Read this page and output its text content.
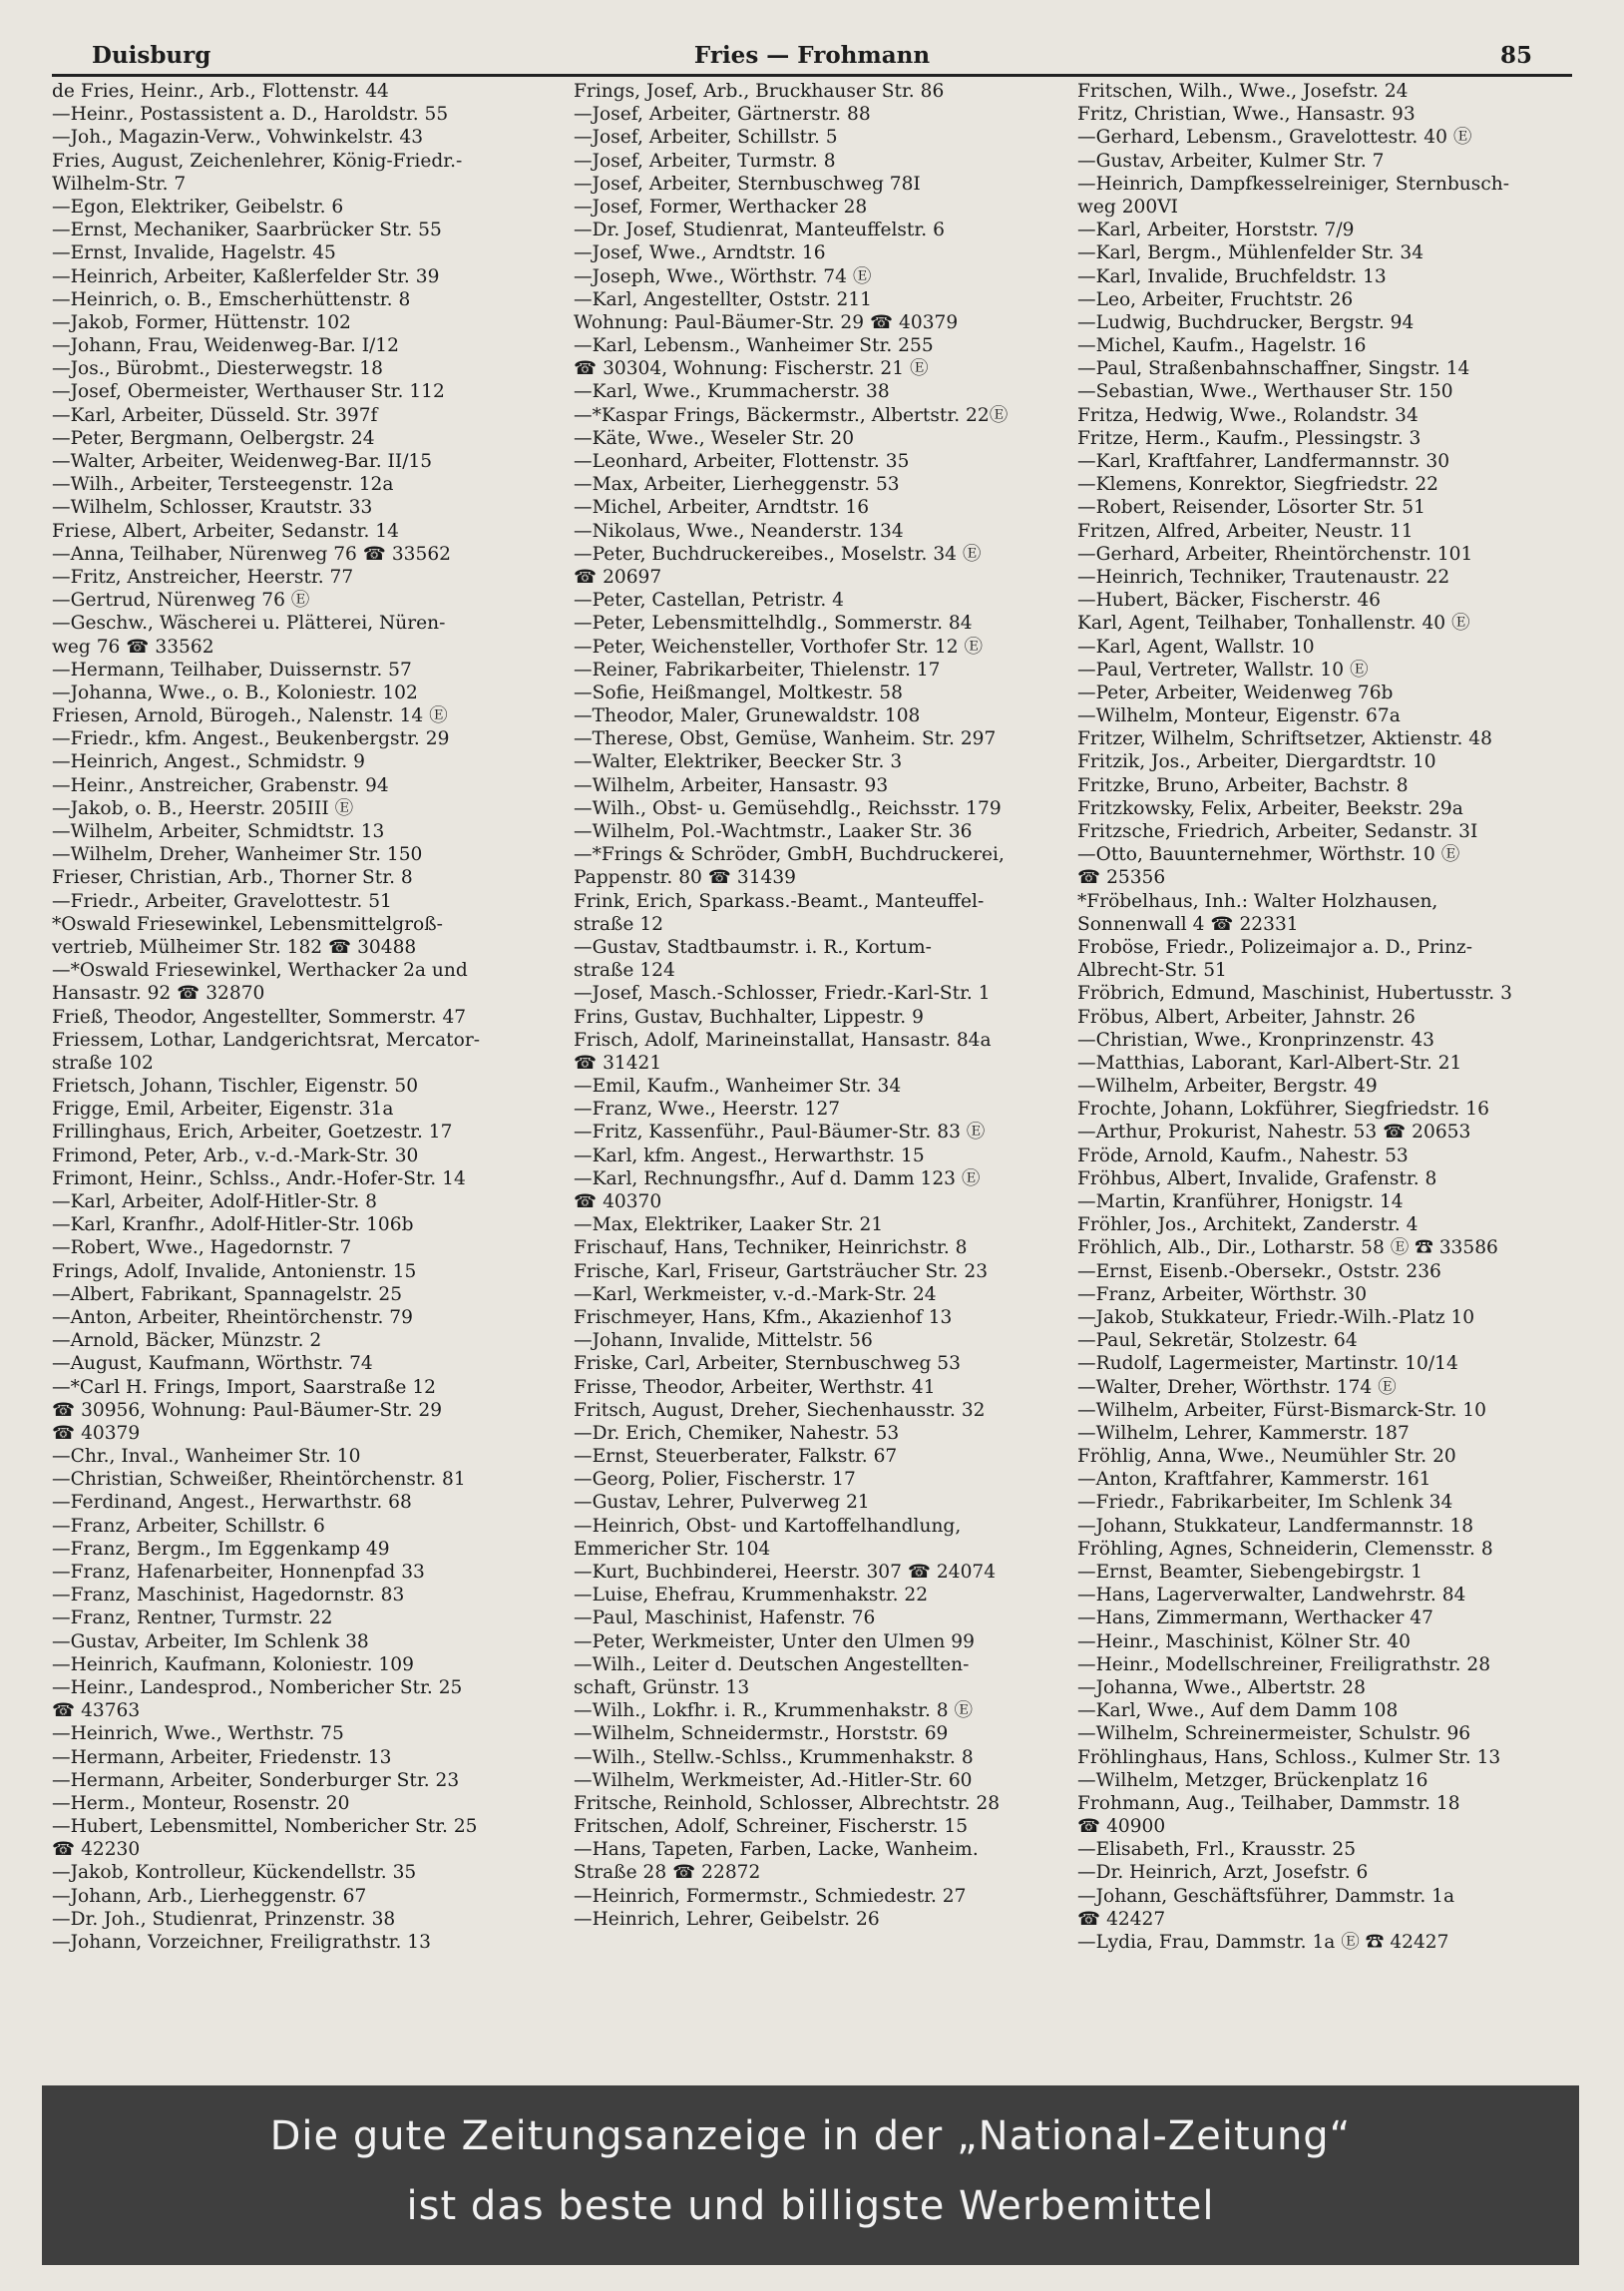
Duisburg	Fries — Frohmann	85
de Fries, Heinr., Arb., Flottenstr. 44
—Heinr., Postassistent a. D., Haroldstr. 55
—Joh., Magazin-Verw., Vohwinkelstr. 43
Fries, August, Zeichenlehrer, König-Friedr.-
Wilhelm-Str. 7
—Egon, Elektriker, Geibelstr. 6
—Ernst, Mechaniker, Saarbrücker Str. 55
—Ernst, Invalide, Hagelstr. 45
—Heinrich, Arbeiter, Kaßlerfelder Str. 39
—Heinrich, o. B., Emscherhüttenstr. 8
—Jakob, Former, Hüttenstr. 102
—Johann, Frau, Weidenweg-Bar. I/12
—Jos., Bürobmt., Diesterwegstr. 18
—Josef, Obermeister, Werthauser Str. 112
—Karl, Arbeiter, Düsseld. Str. 397f
—Peter, Bergmann, Oelbergstr. 24
—Walter, Arbeiter, Weidenweg-Bar. II/15
—Wilh., Arbeiter, Tersteegenstr. 12a
—Wilhelm, Schlosser, Krautstr. 33
Friese, Albert, Arbeiter, Sedanstr. 14
—Anna, Teilhaber, Nürenweg 76 ☎ 33562
—Fritz, Anstreicher, Heerstr. 77
—Gertrud, Nürenweg 76 Ⓔ
—Geschw., Wäscherei u. Plätterei, Nüren-
weg 76 ☎ 33562
—Hermann, Teilhaber, Duissernstr. 57
—Johanna, Wwe., o. B., Koloniestr. 102
Friesen, Arnold, Bürogeh., Nalenstr. 14 Ⓔ
—Friedr., kfm. Angest., Beukenbergstr. 29
—Heinrich, Angest., Schmidstr. 9
—Heinr., Anstreicher, Grabenstr. 94
—Jakob, o. B., Heerstr. 205III Ⓔ
—Wilhelm, Arbeiter, Schmidtstr. 13
—Wilhelm, Dreher, Wanheimer Str. 150
Frieser, Christian, Arb., Thorner Str. 8
—Friedr., Arbeiter, Gravelottestr. 51
*Oswald Friesewinkel, Lebensmittelgroß-
vertrieb, Mülheimer Str. 182 ☎ 30488
—*Oswald Friesewinkel, Werthacker 2a und
Hansastr. 92 ☎ 32870
Frieß, Theodor, Angestellter, Sommerstr. 47
Friessem, Lothar, Landgerichtsrat, Mercator-
straße 102
Frietsch, Johann, Tischler, Eigenstr. 50
Frigge, Emil, Arbeiter, Eigenstr. 31a
Frillinghaus, Erich, Arbeiter, Goetzestr. 17
Frimond, Peter, Arb., v.-d.-Mark-Str. 30
Frimont, Heinr., Schlss., Andr.-Hofer-Str. 14
—Karl, Arbeiter, Adolf-Hitler-Str. 8
—Karl, Kranfhr., Adolf-Hitler-Str. 106b
—Robert, Wwe., Hagedornstr. 7
Frings, Adolf, Invalide, Antonienstr. 15
—Albert, Fabrikant, Spannagelstr. 25
—Anton, Arbeiter, Rheintörchenstr. 79
—Arnold, Bäcker, Münzstr. 2
—August, Kaufmann, Wörthstr. 74
—*Carl H. Frings, Import, Saarstraße 12
☎ 30956, Wohnung: Paul-Bäumer-Str. 29
☎ 40379
—Chr., Inval., Wanheimer Str. 10
—Christian, Schweißer, Rheintörchenstr. 81
—Ferdinand, Angest., Herwarthstr. 68
—Franz, Arbeiter, Schillstr. 6
—Franz, Bergm., Im Eggenkamp 49
—Franz, Hafenarbeiter, Honnenpfad 33
—Franz, Maschinist, Hagedornstr. 83
—Franz, Rentner, Turmstr. 22
—Gustav, Arbeiter, Im Schlenk 38
—Heinrich, Kaufmann, Koloniestr. 109
—Heinr., Landesprod., Nombericher Str. 25
☎ 43763
—Heinrich, Wwe., Werthstr. 75
—Hermann, Arbeiter, Friedenstr. 13
—Hermann, Arbeiter, Sonderburger Str. 23
—Herm., Monteur, Rosenstr. 20
—Hubert, Lebensmittel, Nombericher Str. 25
☎ 42230
—Jakob, Kontrolleur, Kückendellstr. 35
—Johann, Arb., Lierheggenstr. 67
—Dr. Joh., Studienrat, Prinzenstr. 38
—Johann, Vorzeichner, Freiligrathstr. 13
Frings, Josef, Arb., Bruckhauser Str. 86
—Josef, Arbeiter, Gärtnerstr. 88
—Josef, Arbeiter, Schillstr. 5
—Josef, Arbeiter, Turmstr. 8
—Josef, Arbeiter, Sternbuschweg 78I
—Josef, Former, Werthacker 28
—Dr. Josef, Studienrat, Manteuffelstr. 6
—Josef, Wwe., Arndtstr. 16
—Joseph, Wwe., Wörthstr. 74 Ⓔ
—Karl, Angestellter, Oststr. 211
Wohnung: Paul-Bäumer-Str. 29 ☎ 40379
—Karl, Lebensm., Wanheimer Str. 255
☎ 30304, Wohnung: Fischerstr. 21 Ⓔ
—Karl, Wwe., Krummacherstr. 38
—*Kaspar Frings, Bäckermstr., Albertstr. 22Ⓔ
—Käte, Wwe., Weseler Str. 20
—Leonhard, Arbeiter, Flottenstr. 35
—Max, Arbeiter, Lierheggenstr. 53
—Michel, Arbeiter, Arndtstr. 16
—Nikolaus, Wwe., Neanderstr. 134
—Peter, Buchdruckereibes., Moselstr. 34 Ⓔ
☎ 20697
—Peter, Castellan, Petristr. 4
—Peter, Lebensmittelhdlg., Sommerstr. 84
—Peter, Weichensteller, Vorthofer Str. 12 Ⓔ
—Reiner, Fabrikarbeiter, Thielenstr. 17
—Sofie, Heißmangel, Moltkestr. 58
—Theodor, Maler, Grunewaldstr. 108
—Therese, Obst, Gemüse, Wanheim. Str. 297
—Walter, Elektriker, Beecker Str. 3
—Wilhelm, Arbeiter, Hansastr. 93
—Wilh., Obst- u. Gemüsehdlg., Reichsstr. 179
—Wilhelm, Pol.-Wachtmstr., Laaker Str. 36
—*Frings & Schröder, GmbH, Buchdruckerei,
Pappenstr. 80 ☎ 31439
Frink, Erich, Sparkass.-Beamt., Manteuffel-
straße 12
—Gustav, Stadtbaumstr. i. R., Kortum-
straße 124
—Josef, Masch.-Schlosser, Friedr.-Karl-Str. 1
Frins, Gustav, Buchhalter, Lippestr. 9
Frisch, Adolf, Marineinstallat, Hansastr. 84a
☎ 31421
—Emil, Kaufm., Wanheimer Str. 34
—Franz, Wwe., Heerstr. 127
—Fritz, Kassenführ., Paul-Bäumer-Str. 83 Ⓔ
—Karl, kfm. Angest., Herwarthstr. 15
—Karl, Rechnungsfhr., Auf d. Damm 123 Ⓔ
☎ 40370
—Max, Elektriker, Laaker Str. 21
Frischauf, Hans, Techniker, Heinrichstr. 8
Frische, Karl, Friseur, Gartsträucher Str. 23
—Karl, Werkmeister, v.-d.-Mark-Str. 24
Frischmeyer, Hans, Kfm., Akazienhof 13
—Johann, Invalide, Mittelstr. 56
Friske, Carl, Arbeiter, Sternbuschweg 53
Frisse, Theodor, Arbeiter, Werthstr. 41
Fritsch, August, Dreher, Siechenhausstr. 32
—Dr. Erich, Chemiker, Nahestr. 53
—Ernst, Steuerberater, Falkstr. 67
—Georg, Polier, Fischerstr. 17
—Gustav, Lehrer, Pulverweg 21
—Heinrich, Obst- und Kartoffelhandlung,
Emmericher Str. 104
—Kurt, Buchbinderei, Heerstr. 307 ☎ 24074
—Luise, Ehefrau, Krummenhakstr. 22
—Paul, Maschinist, Hafenstr. 76
—Peter, Werkmeister, Unter den Ulmen 99
—Wilh., Leiter d. Deutschen Angestellten-
schaft, Grünstr. 13
—Wilh., Lokfhr. i. R., Krummenhakstr. 8 Ⓔ
—Wilhelm, Schneidermstr., Horststr. 69
—Wilh., Stellw.-Schlss., Krummenhakstr. 8
—Wilhelm, Werkmeister, Ad.-Hitler-Str. 60
Fritsche, Reinhold, Schlosser, Albrechtstr. 28
Fritschen, Adolf, Schreiner, Fischerstr. 15
—Hans, Tapeten, Farben, Lacke, Wanheim.
Straße 28 ☎ 22872
—Heinrich, Formermstr., Schmiedestr. 27
—Heinrich, Lehrer, Geibelstr. 26
Fritschen, Wilh., Wwe., Josefstr. 24
Fritz, Christian, Wwe., Hansastr. 93
—Gerhard, Lebensm., Gravelottestr. 40 Ⓔ
—Gustav, Arbeiter, Kulmer Str. 7
—Heinrich, Dampfkesselreiniger, Sternbusch-
weg 200VI
—Karl, Arbeiter, Horststr. 7/9
—Karl, Bergm., Mühlenfelder Str. 34
—Karl, Invalide, Bruchfeldstr. 13
—Leo, Arbeiter, Fruchtstr. 26
—Ludwig, Buchdrucker, Bergstr. 94
—Michel, Kaufm., Hagelstr. 16
—Paul, Straßenbahnschaffner, Singstr. 14
—Sebastian, Wwe., Werthauser Str. 150
Fritza, Hedwig, Wwe., Rolandstr. 34
Fritze, Herm., Kaufm., Plessingstr. 3
—Karl, Kraftfahrer, Landfermannstr. 30
—Klemens, Konrektor, Siegfriedstr. 22
—Robert, Reisender, Lösorter Str. 51
Fritzen, Alfred, Arbeiter, Neustr. 11
—Gerhard, Arbeiter, Rheintörchenstr. 101
—Heinrich, Techniker, Trautenaustr. 22
—Hubert, Bäcker, Fischerstr. 46
Karl, Agent, Teilhaber, Tonhallenstr. 40 Ⓔ
—Karl, Agent, Wallstr. 10
—Paul, Vertreter, Wallstr. 10 Ⓔ
—Peter, Arbeiter, Weidenweg 76b
—Wilhelm, Monteur, Eigenstr. 67a
Fritzer, Wilhelm, Schriftsetzer, Aktienstr. 48
Fritzik, Jos., Arbeiter, Diergardtstr. 10
Fritzke, Bruno, Arbeiter, Bachstr. 8
Fritzkowsky, Felix, Arbeiter, Beekstr. 29a
Fritzsche, Friedrich, Arbeiter, Sedanstr. 3I
—Otto, Bauunternehmer, Wörthstr. 10 Ⓔ
☎ 25356
*Fröbelhaus, Inh.: Walter Holzhausen,
Sonnenwall 4 ☎ 22331
Froböse, Friedr., Polizeimajor a. D., Prinz-
Albrecht-Str. 51
Fröbrich, Edmund, Maschinist, Hubertusstr. 3
Fröbus, Albert, Arbeiter, Jahnstr. 26
—Christian, Wwe., Kronprinzenstr. 43
—Matthias, Laborant, Karl-Albert-Str. 21
—Wilhelm, Arbeiter, Bergstr. 49
Frochte, Johann, Lokführer, Siegfriedstr. 16
—Arthur, Prokurist, Nahestr. 53 ☎ 20653
Fröde, Arnold, Kaufm., Nahestr. 53
Fröhbus, Albert, Invalide, Grafenstr. 8
—Martin, Kranführer, Honigstr. 14
Fröhler, Jos., Architekt, Zanderstr. 4
Fröhlich, Alb., Dir., Lotharstr. 58 Ⓔ ☎ 33586
—Ernst, Eisenb.-Obersekr., Oststr. 236
—Franz, Arbeiter, Wörthstr. 30
—Jakob, Stukkateur, Friedr.-Wilh.-Platz 10
—Paul, Sekretär, Stolzestr. 64
—Rudolf, Lagermeister, Martinstr. 10/14
—Walter, Dreher, Wörthstr. 174 Ⓔ
—Wilhelm, Arbeiter, Fürst-Bismarck-Str. 10
—Wilhelm, Lehrer, Kammerstr. 187
Fröhlig, Anna, Wwe., Neumühler Str. 20
—Anton, Kraftfahrer, Kammerstr. 161
—Friedr., Fabrikarbeiter, Im Schlenk 34
—Johann, Stukkateur, Landfermannstr. 18
Fröhling, Agnes, Schneiderin, Clemensstr. 8
—Ernst, Beamter, Siebengebirgstr. 1
—Hans, Lagerverwalter, Landwehrstr. 84
—Hans, Zimmermann, Werthacker 47
—Heinr., Maschinist, Kölner Str. 40
—Heinr., Modellschreiner, Freiligrathstr. 28
—Johanna, Wwe., Albertstr. 28
—Karl, Wwe., Auf dem Damm 108
—Wilhelm, Schreinermeister, Schulstr. 96
Fröhlinghaus, Hans, Schloss., Kulmer Str. 13
—Wilhelm, Metzger, Brückenplatz 16
Frohmann, Aug., Teilhaber, Dammstr. 18
☎ 40900
—Elisabeth, Frl., Krausstr. 25
—Dr. Heinrich, Arzt, Josefstr. 6
—Johann, Geschäftsführer, Dammstr. 1a
☎ 42427
—Lydia, Frau, Dammstr. 1a Ⓔ ☎ 42427
Die gute Zeitungsanzeige in der „National-Zeitung“
ist das beste und billigste Werbemittel
